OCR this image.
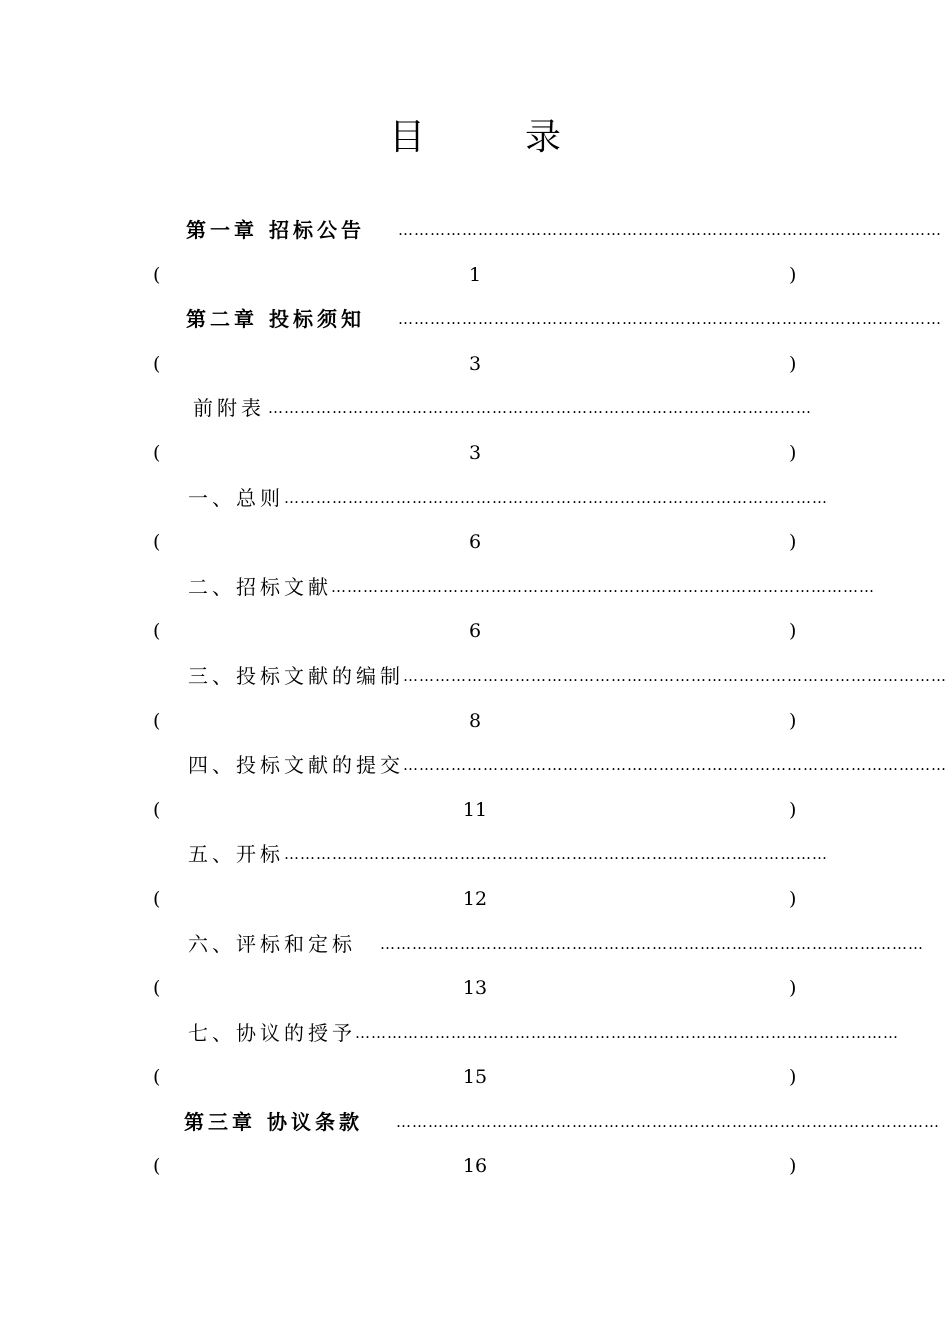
目	录
第一章 招标公告 …………………………………………………………………………………………
(	1	)
第二章 投标须知 …………………………………………………………………………………………
(	3	)
前附表 …………………………………………………………………………………………
(	3	)
一、总则 …………………………………………………………………………………………
(	6	)
二、招标文献 …………………………………………………………………………………………
(	6	)
三、投标文献的编制 …………………………………………………………………………………………
(	8	)
四、投标文献的提交 …………………………………………………………………………………………
(	11	)
五、开标 …………………………………………………………………………………………
(	12	)
六、评标和定标 …………………………………………………………………………………………
(	13	)
七、协议的授予 …………………………………………………………………………………………
(	15	)
第三章 协议条款 …………………………………………………………………………………………
(	16	)
